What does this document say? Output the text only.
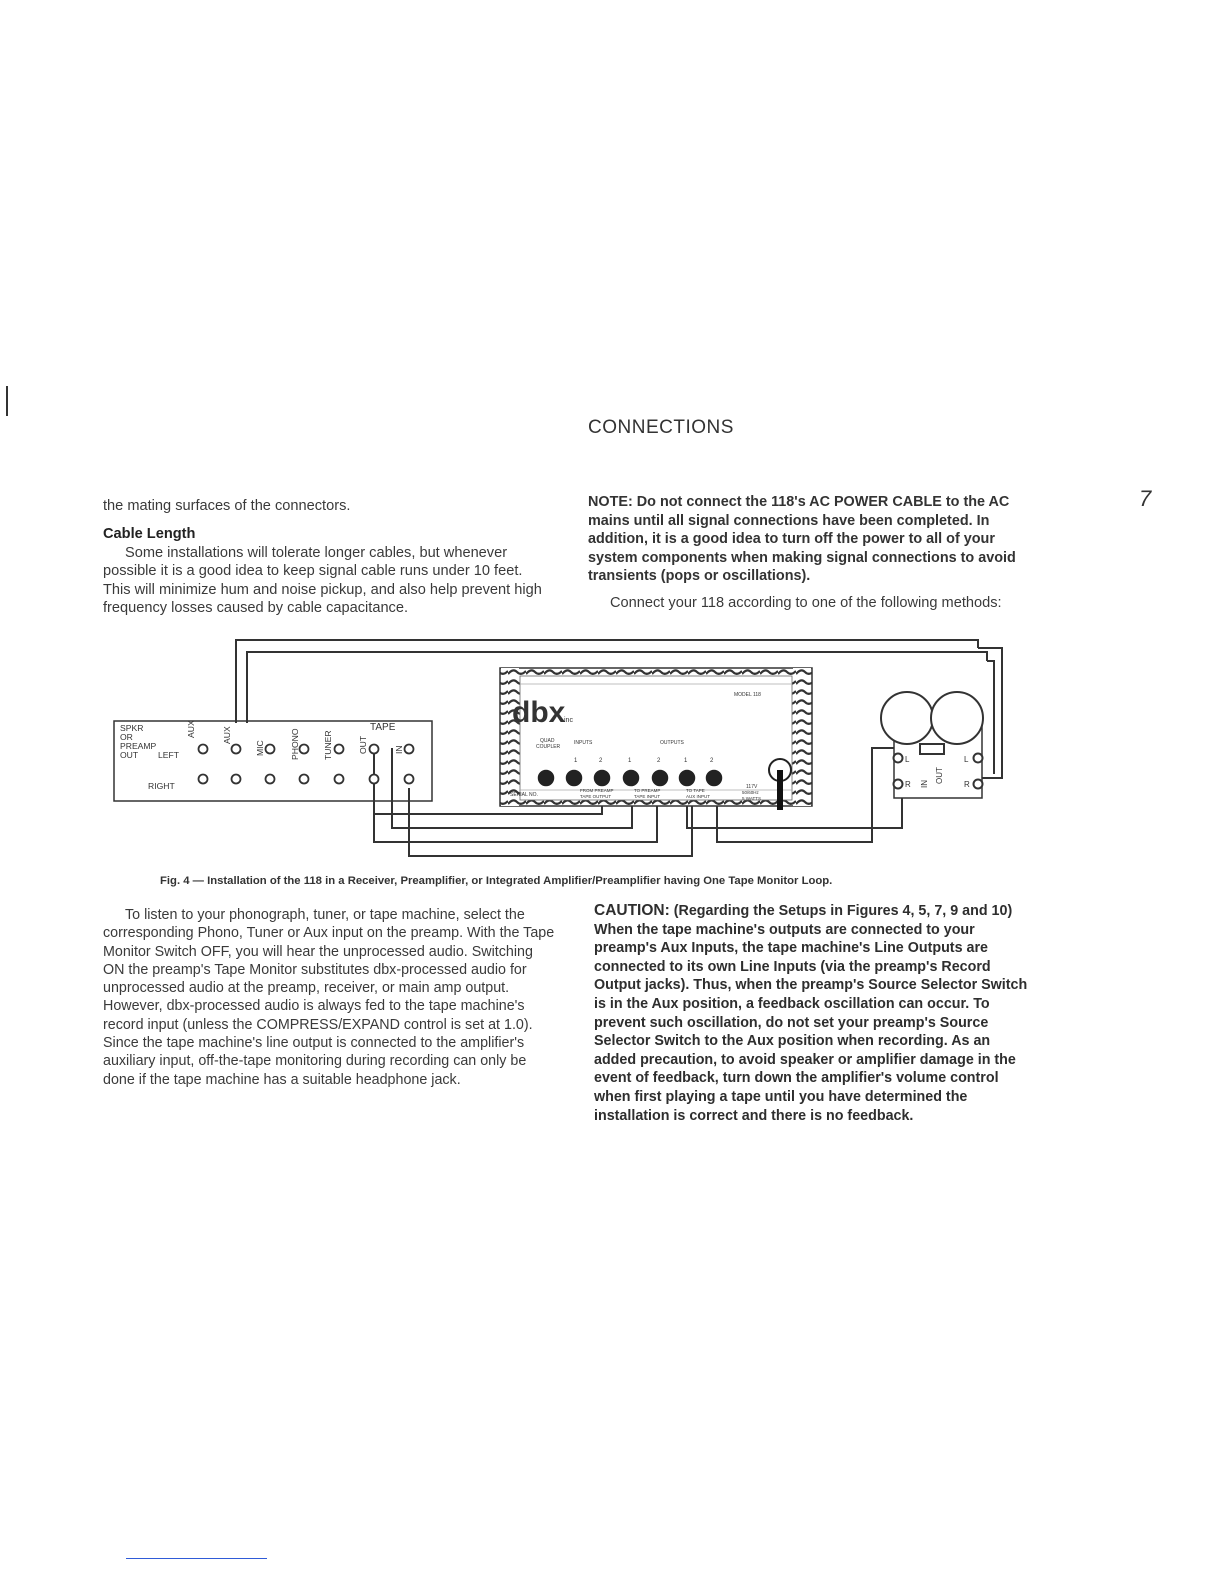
CONNECTIONS
7

the mating surfaces of the connectors.

Cable Length

Some installations will tolerate longer cables, but whenever possible it is a good idea to keep signal cable runs under 10 feet. This will minimize hum and noise pickup, and also help prevent high frequency losses caused by cable capacitance.

NOTE: Do not connect the 118's AC POWER CABLE to the AC mains until all signal connections have been completed. In addition, it is a good idea to turn off the power to all of your system components when making signal connections to avoid transients (pops or oscillations).

Connect your 118 according to one of the following methods:

SPKR
OR
PREAMP
OUT LEFT
RIGHT
TAPE
AUX	AUX
MIC	PHONO	TUNER	OUT	IN
dbx
inc
MODEL 118
QUAD
COUPLER
INPUTS	OUTPUTS
1	2	1	2	1	2
SERIAL NO.
FROM PREAMP
TAPE OUTPUT
TO PREAMP
TAPE INPUT
TO TAPE
AUX INPUT
117V
50/60Hz
5 WATTS
L
R IN OUT
L
R
Fig. 4 — Installation of the 118 in a Receiver, Preamplifier, or Integrated Amplifier/Preamplifier having One Tape Monitor Loop.
To listen to your phonograph, tuner, or tape machine, select the corresponding Phono, Tuner or Aux input on the preamp. With the Tape Monitor Switch OFF, you will hear the unprocessed audio. Switching ON the preamp's Tape Monitor substitutes dbx-processed audio for unprocessed audio at the preamp, receiver, or main amp output. However, dbx-processed audio is always fed to the tape machine's record input (unless the COMPRESS/EXPAND control is set at 1.0). Since the tape machine's line output is connected to the amplifier's auxiliary input, off-the-tape monitoring during recording can only be done if the tape machine has a suitable headphone jack.
CAUTION: (Regarding the Setups in Figures 4, 5, 7, 9 and 10) When the tape machine's outputs are connected to your preamp's Aux Inputs, the tape machine's Line Outputs are connected to its own Line Inputs (via the preamp's Record Output jacks). Thus, when the preamp's Source Selector Switch is in the Aux position, a feedback oscillation can occur. To prevent such oscillation, do not set your preamp's Source Selector Switch to the Aux position when recording. As an added precaution, to avoid speaker or amplifier damage in the event of feedback, turn down the amplifier's volume control when first playing a tape until you have determined the installation is correct and there is no feedback.
